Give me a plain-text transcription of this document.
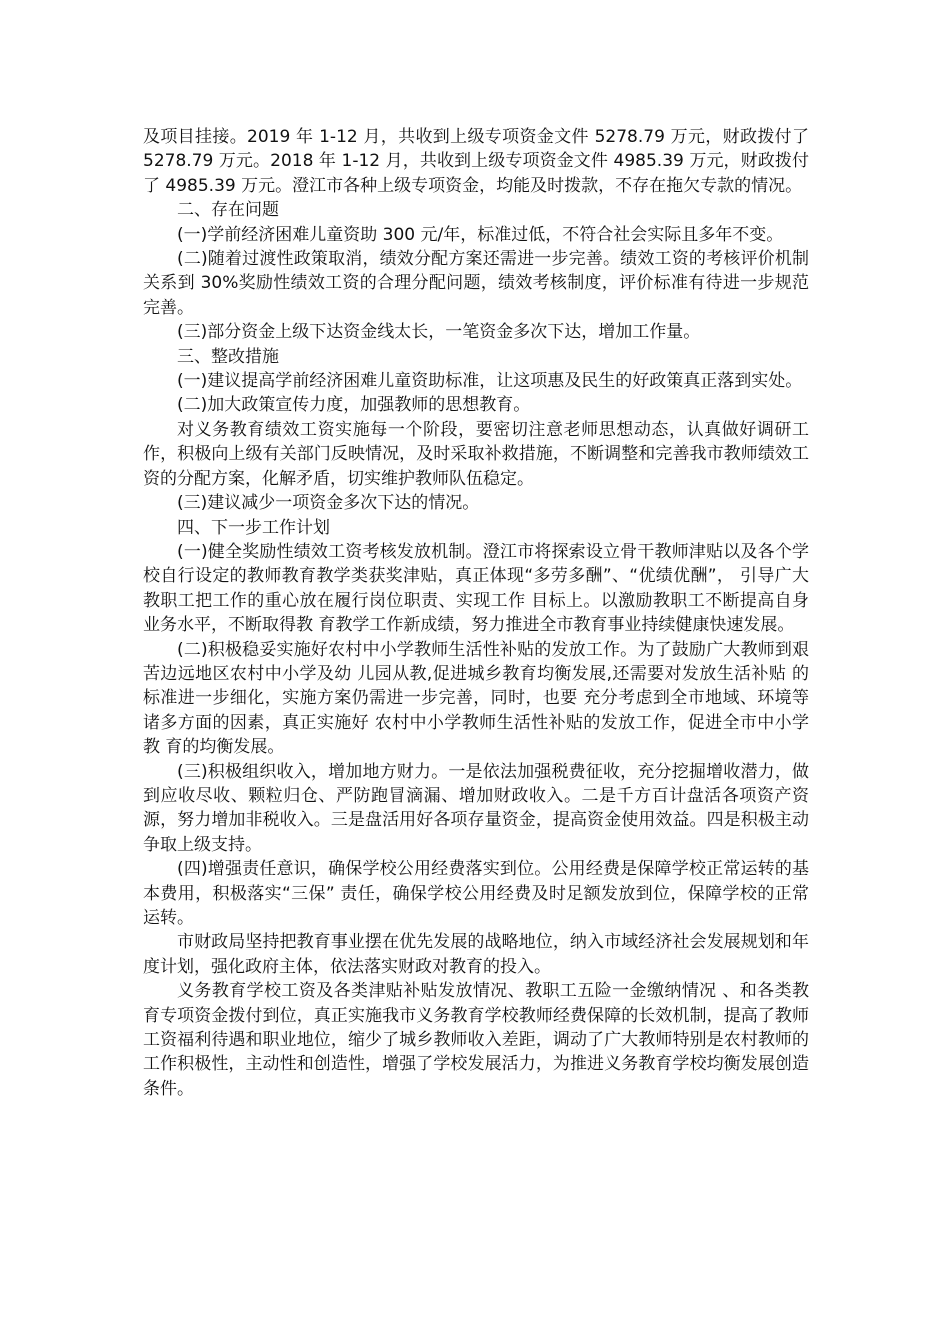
及项目挂接。2019 年 1-12 月，共收到上级专项资金文件 5278.79 万元，财政拨付了 5278.79 万元。2018 年 1-12 月，共收到上级专项资金文件 4985.39 万元，财政拨付了 4985.39 万元。澄江市各种上级专项资金，均能及时拨款，不存在拖欠专款的情况。

二、存在问题

(一)学前经济困难儿童资助 300 元/年，标准过低，不符合社会实际且多年不变。

(二)随着过渡性政策取消，绩效分配方案还需进一步完善。绩效工资的考核评价机制关系到 30%奖励性绩效工资的合理分配问题，绩效考核制度，评价标准有待进一步规范完善。

(三)部分资金上级下达资金线太长，一笔资金多次下达，增加工作量。

三、整改措施

(一)建议提高学前经济困难儿童资助标准，让这项惠及民生的好政策真正落到实处。

(二)加大政策宣传力度，加强教师的思想教育。

对义务教育绩效工资实施每一个阶段，要密切注意老师思想动态，认真做好调研工作，积极向上级有关部门反映情况，及时采取补救措施，不断调整和完善我市教师绩效工资的分配方案，化解矛盾，切实维护教师队伍稳定。

(三)建议减少一项资金多次下达的情况。

四、下一步工作计划

(一)健全奖励性绩效工资考核发放机制。澄江市将探索设立骨干教师津贴以及各个学校自行设定的教师教育教学类获奖津贴，真正体现“多劳多酬”、“优绩优酬”， 引导广大教职工把工作的重心放在履行岗位职责、实现工作 目标上。以激励教职工不断提高自身业务水平，不断取得教 育教学工作新成绩，努力推进全市教育事业持续健康快速发展。

(二)积极稳妥实施好农村中小学教师生活性补贴的发放工作。为了鼓励广大教师到艰苦边远地区农村中小学及幼 儿园从教,促进城乡教育均衡发展,还需要对发放生活补贴 的标准进一步细化，实施方案仍需进一步完善，同时，也要 充分考虑到全市地域、环境等诸多方面的因素，真正实施好 农村中小学教师生活性补贴的发放工作，促进全市中小学教 育的均衡发展。

(三)积极组织收入，增加地方财力。一是依法加强税费征收，充分挖掘增收潜力，做到应收尽收、颗粒归仓、严防跑冒滴漏、增加财政收入。二是千方百计盘活各项资产资源，努力增加非税收入。三是盘活用好各项存量资金，提高资金使用效益。四是积极主动争取上级支持。

(四)增强责任意识，确保学校公用经费落实到位。公用经费是保障学校正常运转的基本费用，积极落实“三保” 责任，确保学校公用经费及时足额发放到位，保障学校的正常运转。

市财政局坚持把教育事业摆在优先发展的战略地位，纳入市域经济社会发展规划和年度计划，强化政府主体，依法落实财政对教育的投入。

义务教育学校工资及各类津贴补贴发放情况、教职工五险一金缴纳情况 、和各类教育专项资金拨付到位，真正实施我市义务教育学校教师经费保障的长效机制，提高了教师工资福利待遇和职业地位，缩少了城乡教师收入差距，调动了广大教师特别是农村教师的工作积极性，主动性和创造性，增强了学校发展活力，为推进义务教育学校均衡发展创造条件。
